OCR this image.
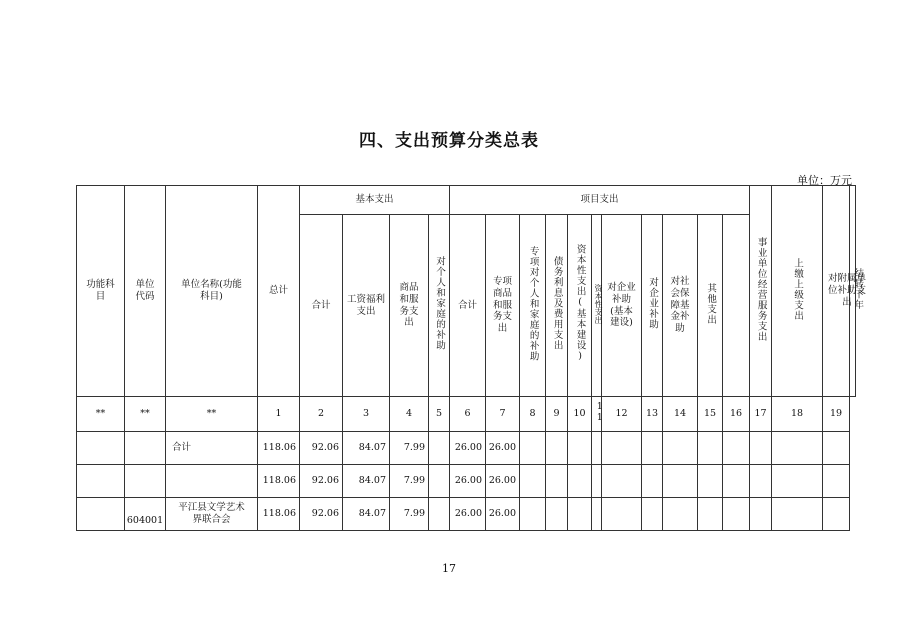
四、支出预算分类总表
单位：万元
功能科目	单位代码	单位名称(功能科目)	总计	基本支出				项目支出											事业单位经营服务支出	上缴上级支出	对附属单位补助支出	结转下年
				合计	工资福利支出	商品和服务支出	对个人和家庭的补助	合计	专项商品和服务支出	专项对个人和家庭的补助	债务利息及费用支出	资本性支出(基本建设)	资本性支出	对企业补助(基本建设)	对企业补助	对社会保障基金补助	其他支出					
**	**	**	1	2	3	4	5	6	7	8	9	10	11	12	13	14	15	16	17	18	19	
		合计	118.06	92.06	84.07	7.99		26.00	26.00													
			118.06	92.06	84.07	7.99		26.00	26.00													
	604001	平江县文学艺术界联合会	118.06	92.06	84.07	7.99		26.00	26.00													
17
